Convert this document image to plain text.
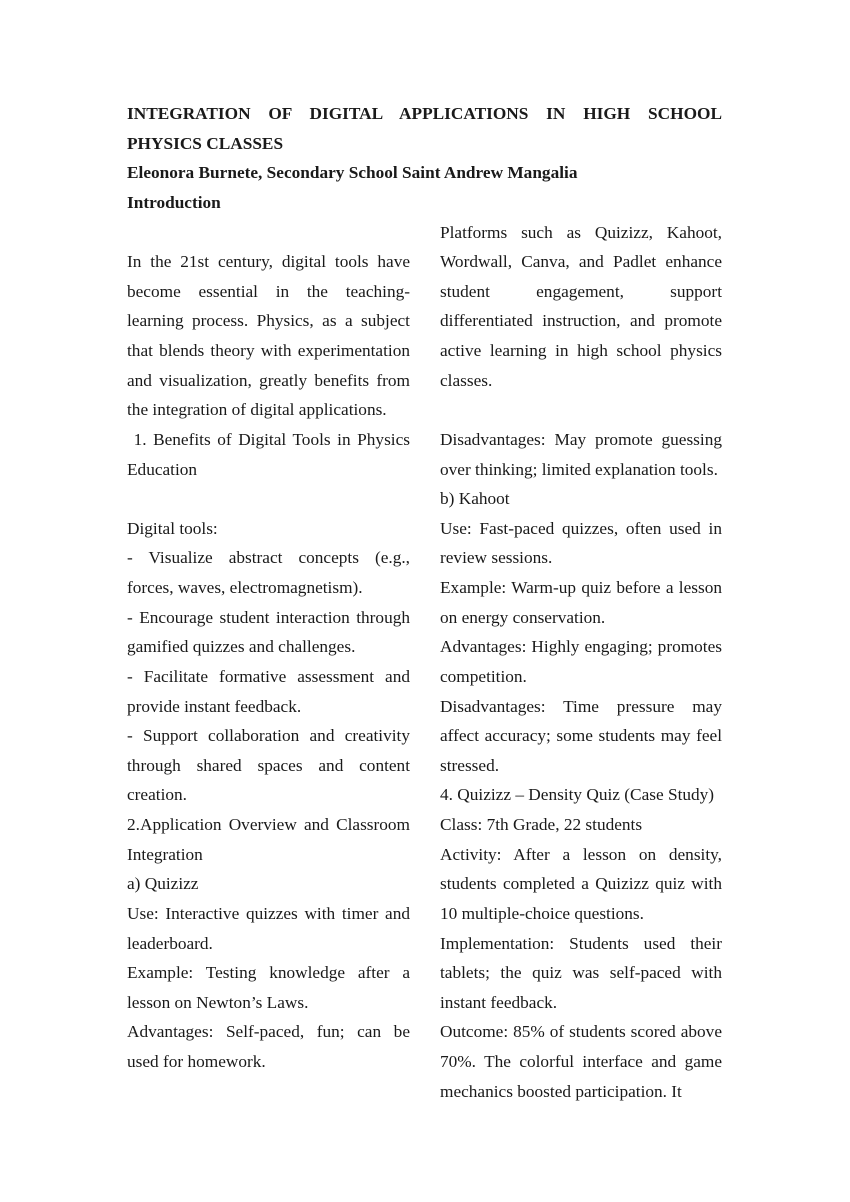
INTEGRATION OF DIGITAL APPLICATIONS IN HIGH SCHOOL

PHYSICS CLASSES

Eleonora Burnete, Secondary School Saint Andrew Mangalia

Introduction

In the 21st century, digital tools have become essential in the teaching-learning process. Physics, as a subject that blends theory with experimentation and visualization, greatly benefits from the integration of digital applications.

1. Benefits of Digital Tools in Physics Education

Digital tools:

- Visualize abstract concepts (e.g., forces, waves, electromagnetism).

- Encourage student interaction through gamified quizzes and challenges.

- Facilitate formative assessment and provide instant feedback.

- Support collaboration and creativity through shared spaces and content creation.

2.Application Overview and Classroom Integration

a) Quizizz

Use: Interactive quizzes with timer and leaderboard.

Example: Testing knowledge after a lesson on Newton’s Laws.

Advantages: Self-paced, fun; can be used for homework.

Platforms such as Quizizz, Kahoot, Wordwall, Canva, and Padlet enhance student engagement, support differentiated instruction, and promote active learning in high school physics classes.

Disadvantages: May promote guessing over thinking; limited explanation tools.

b) Kahoot

Use: Fast-paced quizzes, often used in review sessions.

Example: Warm-up quiz before a lesson on energy conservation.

Advantages: Highly engaging; promotes competition.

Disadvantages: Time pressure may affect accuracy; some students may feel stressed.

4. Quizizz – Density Quiz (Case Study)

Class: 7th Grade, 22 students

Activity: After a lesson on density, students completed a Quizizz quiz with 10 multiple-choice questions.

Implementation: Students used their tablets; the quiz was self-paced with instant feedback.

Outcome: 85% of students scored above 70%. The colorful interface and game mechanics boosted participation. It
